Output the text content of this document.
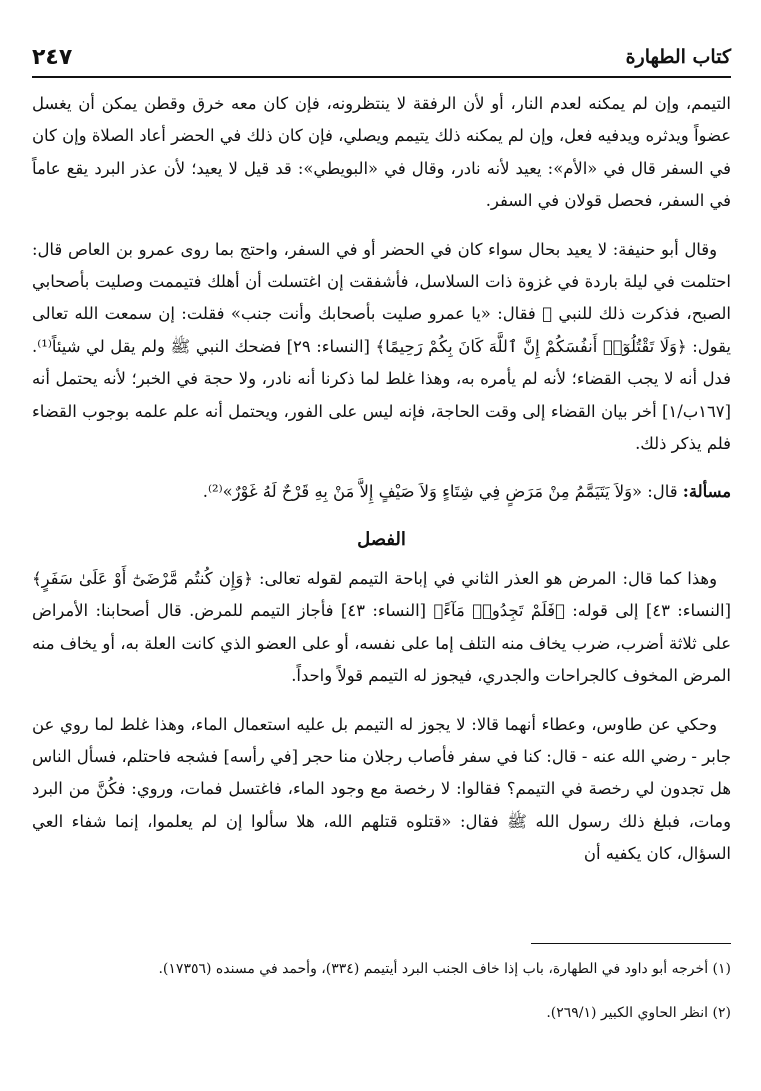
كتاب الطهارة
٢٤٧

التيمم، وإن لم يمكنه لعدم النار، أو لأن الرفقة لا ينتظرونه، فإن كان معه خرق وقطن يمكن أن يغسل عضواً ويدثره ويدفيه فعل، وإن لم يمكنه ذلك يتيمم ويصلي، فإن كان ذلك في الحضر أعاد الصلاة وإن كان في السفر قال في «الأم»: يعيد لأنه نادر، وقال في «البويطي»: قد قيل لا يعيد؛ لأن عذر البرد يقع عاماً في السفر، فحصل قولان في السفر.

وقال أبو حنيفة: لا يعيد بحال سواء كان في الحضر أو في السفر، واحتج بما روى عمرو بن العاص قال: احتلمت في ليلة باردة في غزوة ذات السلاسل، فأشفقت إن اغتسلت أن أهلك فتيممت وصليت بأصحابي الصبح، فذكرت ذلك للنبي ﷺ فقال: «يا عمرو صليت بأصحابك وأنت جنب» فقلت: إن سمعت الله تعالى يقول: ﴿وَلَا تَقْتُلُوٓا۟ أَنفُسَكُمْ إِنَّ ٱللَّهَ كَانَ بِكُمْ رَحِيمًا﴾ [النساء: ٢٩] فضحك النبي ﷺ ولم يقل لي شيئاً⁽¹⁾. فدل أنه لا يجب القضاء؛ لأنه لم يأمره به، وهذا غلط لما ذكرنا أنه نادر، ولا حجة في الخبر؛ لأنه يحتمل أنه [١٦٧ب/١] أخر بيان القضاء إلى وقت الحاجة، فإنه ليس على الفور، ويحتمل أنه علم علمه بوجوب القضاء فلم يذكر ذلك.

مسألة: قال: «وَلاَ يَتَيَمَّمُ مِنْ مَرَضٍ فِي شِتَاءٍ وَلاَ صَيْفٍ إِلاَّ مَنْ بِهِ قَرْحٌ لَهُ غَوْرٌ»⁽²⁾.

الفصل

وهذا كما قال: المرض هو العذر الثاني في إباحة التيمم لقوله تعالى: ﴿وَإِن كُنتُم مَّرْضَىٰٓ أَوْ عَلَىٰ سَفَرٍ﴾ [النساء: ٤٣] إلى قوله: ﴿فَلَمْ تَجِدُوا۟ مَآءً﴾ [النساء: ٤٣] فأجاز التيمم للمرض. قال أصحابنا: الأمراض على ثلاثة أضرب، ضرب يخاف منه التلف إما على نفسه، أو على العضو الذي كانت العلة به، أو يخاف منه المرض المخوف كالجراحات والجدري، فيجوز له التيمم قولاً واحداً.

وحكي عن طاوس، وعطاء أنهما قالا: لا يجوز له التيمم بل عليه استعمال الماء، وهذا غلط لما روي عن جابر - رضي الله عنه - قال: كنا في سفر فأصاب رجلان منا حجر [في رأسه] فشجه فاحتلم، فسأل الناس هل تجدون لي رخصة في التيمم؟ فقالوا: لا رخصة مع وجود الماء، فاغتسل فمات، وروي: فكُنَّ من البرد ومات، فبلغ ذلك رسول الله ﷺ فقال: «قتلوه قتلهم الله، هلا سألوا إن لم يعلموا، إنما شفاء العي السؤال، كان يكفيه أن

(١) أخرجه أبو داود في الطهارة، باب إذا خاف الجنب البرد أيتيمم (٣٣٤)، وأحمد في مسنده (١٧٣٥٦).

(٢) انظر الحاوي الكبير (٢٦٩/١).
